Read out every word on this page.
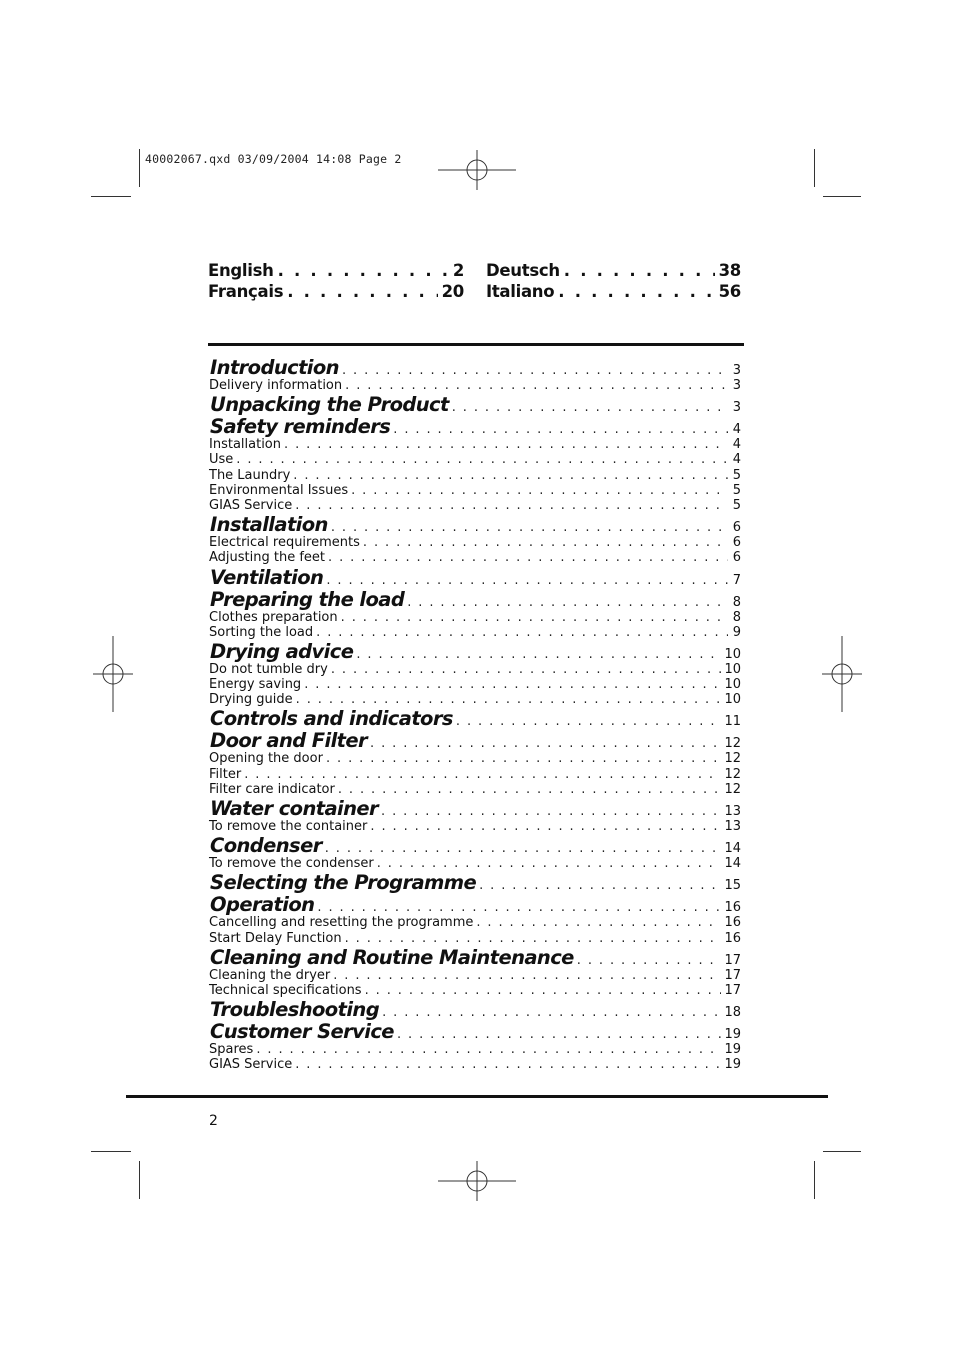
40002067.qxd 03/09/2004 14:08 Page 2
English . . .	2
Français . . .	20
Deutsch . . .	38
Italiano . . .	56
Introduction . . .	3
Delivery information . . .	3
Unpacking the Product . . .	3
Safety reminders . . .	4
Installation . . .	4
Use . . .	4
The Laundry . . .	5
Environmental Issues . . .	5
GIAS Service . . .	5
Installation . . .	6
Electrical requirements . . .	6
Adjusting the feet . . .	6
Ventilation . . .	7
Preparing the load . . .	8
Clothes preparation . . .	8
Sorting the load . . .	9
Drying advice . . .	10
Do not tumble dry . . .	10
Energy saving . . .	10
Drying guide . . .	10
Controls and indicators . . .	11
Door and Filter . . .	12
Opening the door . . .	12
Filter . . .	12
Filter care indicator . . .	12
Water container . . .	13
To remove the container . . .	13
Condenser . . .	14
To remove the condenser . . .	14
Selecting the Programme . . .	15
Operation . . .	16
Cancelling and resetting the programme . . .	16
Start Delay Function . . .	16
Cleaning and Routine Maintenance . . .	17
Cleaning the dryer . . .	17
Technical specifications . . .	17
Troubleshooting . . .	18
Customer Service . . .	19
Spares . . .	19
GIAS Service . . .	19
2
